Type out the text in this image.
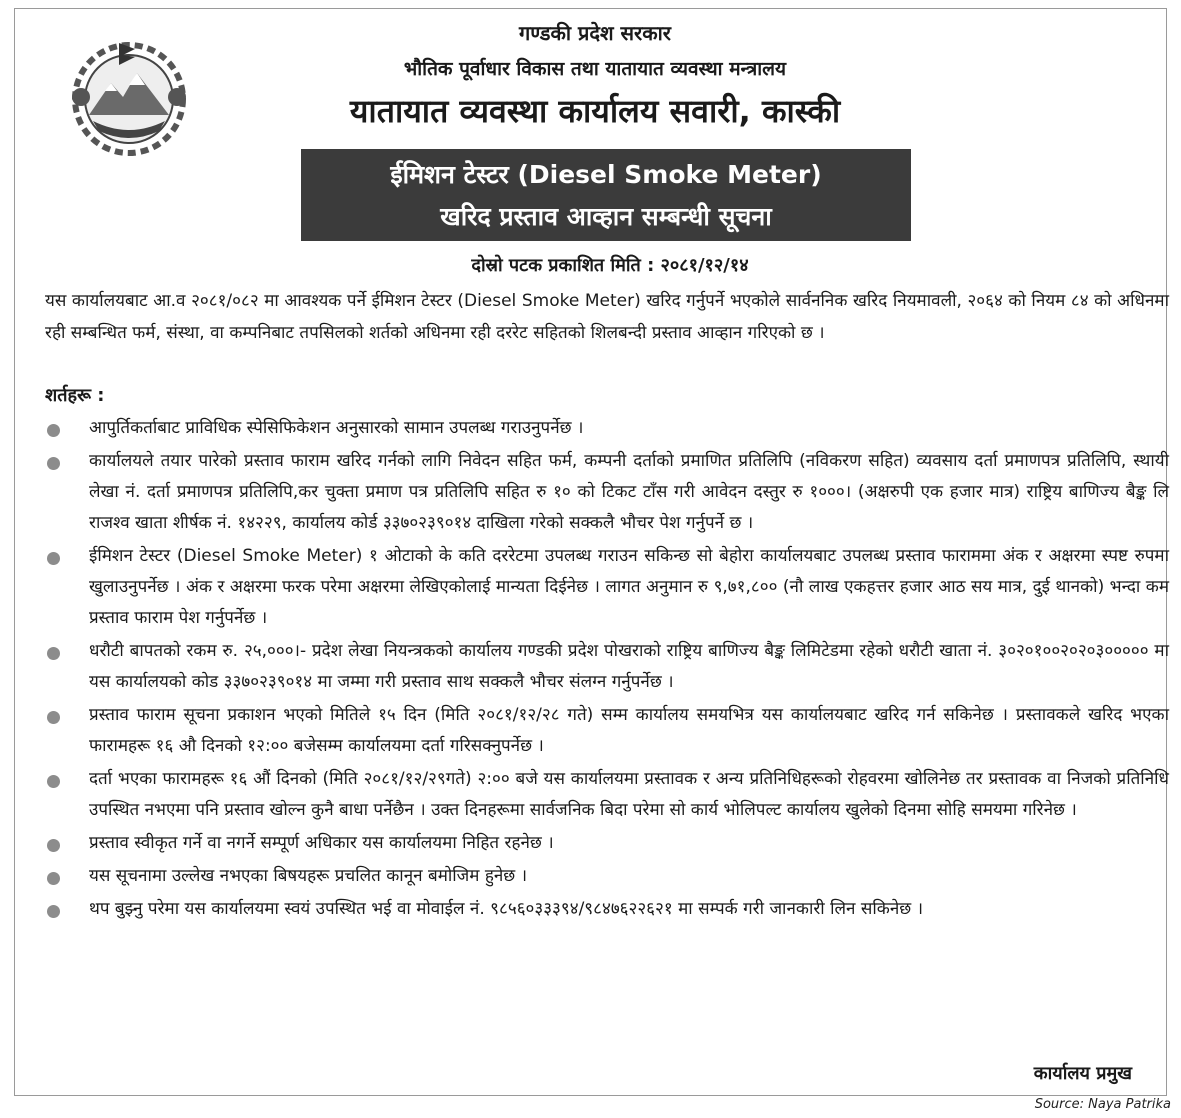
गण्डकी प्रदेश सरकार
भौतिक पूर्वाधार विकास तथा यातायात व्यवस्था मन्त्रालय
यातायात व्यवस्था कार्यालय सवारी, कास्की
ईमिशन टेस्टर (Diesel Smoke Meter)
खरिद प्रस्ताव आव्हान सम्बन्धी सूचना
दोस्रो पटक प्रकाशित मिति : २०८१/१२/१४
यस कार्यालयबाट आ.व २०८१/०८२ मा आवश्यक पर्ने ईमिशन टेस्टर (Diesel Smoke Meter) खरिद गर्नुपर्ने भएकोले सार्वननिक खरिद नियमावली, २०६४ को नियम ८४ को अधिनमा रही सम्बन्धित फर्म, संस्था, वा कम्पनिबाट तपसिलको शर्तको अधिनमा रही दररेट सहितको शिलबन्दी प्रस्ताव आव्हान गरिएको छ ।
शर्तहरू :
आपुर्तिकर्ताबाट प्राविधिक स्पेसिफिकेशन अनुसारको सामान उपलब्ध गराउनुपर्नेछ ।
कार्यालयले तयार पारेको प्रस्ताव फाराम खरिद गर्नको लागि निवेदन सहित फर्म, कम्पनी दर्ताको प्रमाणित प्रतिलिपि (नविकरण सहित) व्यवसाय दर्ता प्रमाणपत्र प्रतिलिपि, स्थायी लेखा नं. दर्ता प्रमाणपत्र प्रतिलिपि,कर चुक्ता प्रमाण पत्र प्रतिलिपि सहित रु १० को टिकट टाँस गरी आवेदन दस्तुर रु १०००। (अक्षरुपी एक हजार मात्र) राष्ट्रिय बाणिज्य बैङ्क लि राजश्व खाता शीर्षक नं. १४२२९, कार्यालय कोर्ड ३३७०२३९०१४ दाखिला गरेको सक्कलै भौचर पेश गर्नुपर्ने छ ।
ईमिशन टेस्टर (Diesel Smoke Meter) १ ओटाको के कति दररेटमा उपलब्ध गराउन सकिन्छ सो बेहोरा कार्यालयबाट उपलब्ध प्रस्ताव फाराममा अंक र अक्षरमा स्पष्ट रुपमा खुलाउनुपर्नेछ । अंक र अक्षरमा फरक परेमा अक्षरमा लेखिएकोलाई मान्यता दिईनेछ । लागत अनुमान रु ९,७१,८०० (नौ लाख एकहत्तर हजार आठ सय मात्र, दुई थानको) भन्दा कम प्रस्ताव फाराम पेश गर्नुपर्नेछ ।
धरौटी बापतको रकम रु. २५,०००।- प्रदेश लेखा नियन्त्रकको कार्यालय गण्डकी प्रदेश पोखराको राष्ट्रिय बाणिज्य बैङ्क लिमिटेडमा रहेको धरौटी खाता नं. ३०२०१००२०२०३००००० मा यस कार्यालयको कोड ३३७०२३९०१४ मा जम्मा गरी प्रस्ताव साथ सक्कलै भौचर संलग्न गर्नुपर्नेछ ।
प्रस्ताव फाराम सूचना प्रकाशन भएको मितिले १५ दिन (मिति २०८१/१२/२८ गते) सम्म कार्यालय समयभित्र यस कार्यालयबाट खरिद गर्न सकिनेछ । प्रस्तावकले खरिद भएका फारामहरू १६ औ दिनको १२:०० बजेसम्म कार्यालयमा दर्ता गरिसक्नुपर्नेछ ।
दर्ता भएका फारामहरू १६ औं दिनको (मिति २०८१/१२/२९गते) २:०० बजे यस कार्यालयमा प्रस्तावक र अन्य प्रतिनिधिहरूको रोहवरमा खोलिनेछ तर प्रस्तावक वा निजको प्रतिनिधि उपस्थित नभएमा पनि प्रस्ताव खोल्न कुनै बाधा पर्नेछैन । उक्त दिनहरूमा सार्वजनिक बिदा परेमा सो कार्य भोलिपल्ट कार्यालय खुलेको दिनमा सोहि समयमा गरिनेछ ।
प्रस्ताव स्वीकृत गर्ने वा नगर्ने सम्पूर्ण अधिकार यस कार्यालयमा निहित रहनेछ ।
यस सूचनामा उल्लेख नभएका बिषयहरू प्रचलित कानून बमोजिम हुनेछ ।
थप बुझ्नु परेमा यस कार्यालयमा स्वयं उपस्थित भई वा मोवाईल नं. ९८५६०३३३९४/९८४७६२२६२१ मा सम्पर्क गरी जानकारी लिन सकिनेछ ।
कार्यालय प्रमुख
Source: Naya Patrika
